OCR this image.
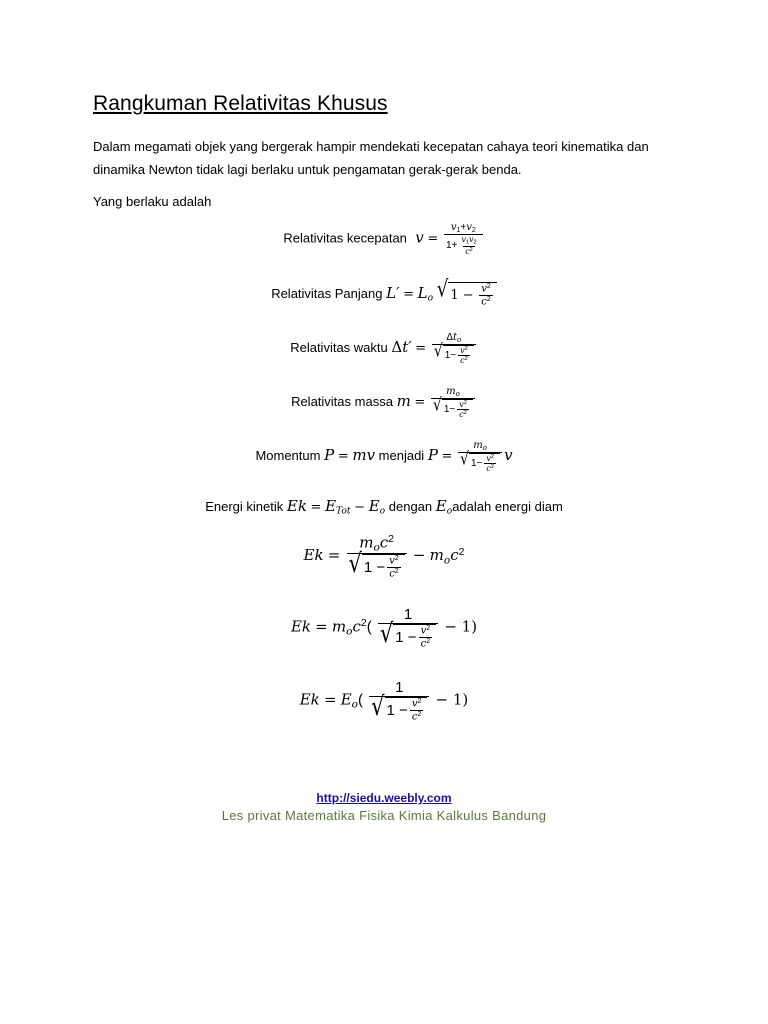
Rangkuman Relativitas Khusus
Dalam megamati objek yang bergerak hampir mendekati kecepatan cahaya teori kinematika dan
dinamika Newton tidak lagi berlaku untuk pengamatan gerak-gerak benda.
Yang berlaku adalah
Relativitas kecepatan  $v = \frac{v_1+v_2}{1+ \frac{v_1v_2}{c^2}}$
Relativitas Panjang $L' = L_o$ √ 1 −
$\frac{v^2}{c^2}$
Relativitas waktu $\Delta t' = \frac{\Delta t_o}{√ 1- \frac{v^2}{c^2}}$
Relativitas massa $m = \frac{m_o}{√ 1- \frac{v^2}{c^2}}$
Momentum P = mv menjadi $P = \frac{m_o}{√ 1- \frac{v^2}{c^2}}$ v
Energi kinetik $Ek = E_{Tot} - E_o$ dengan $E_oadalah$ energi diam
$Ek = \frac{m_oc^2}{√ 1 - \frac{v^2}{c^2}} - m_oc^2$
$Ek = m_oc^2( \frac{1}{√ 1 - \frac{v^2}{c^2}} - 1)$
$Ek = E_o( \frac{1}{√ 1 - \frac{v^2}{c^2}} - 1)$
http://siedu.weebly.com
Les privat Matematika Fisika Kimia Kalkulus Bandung
